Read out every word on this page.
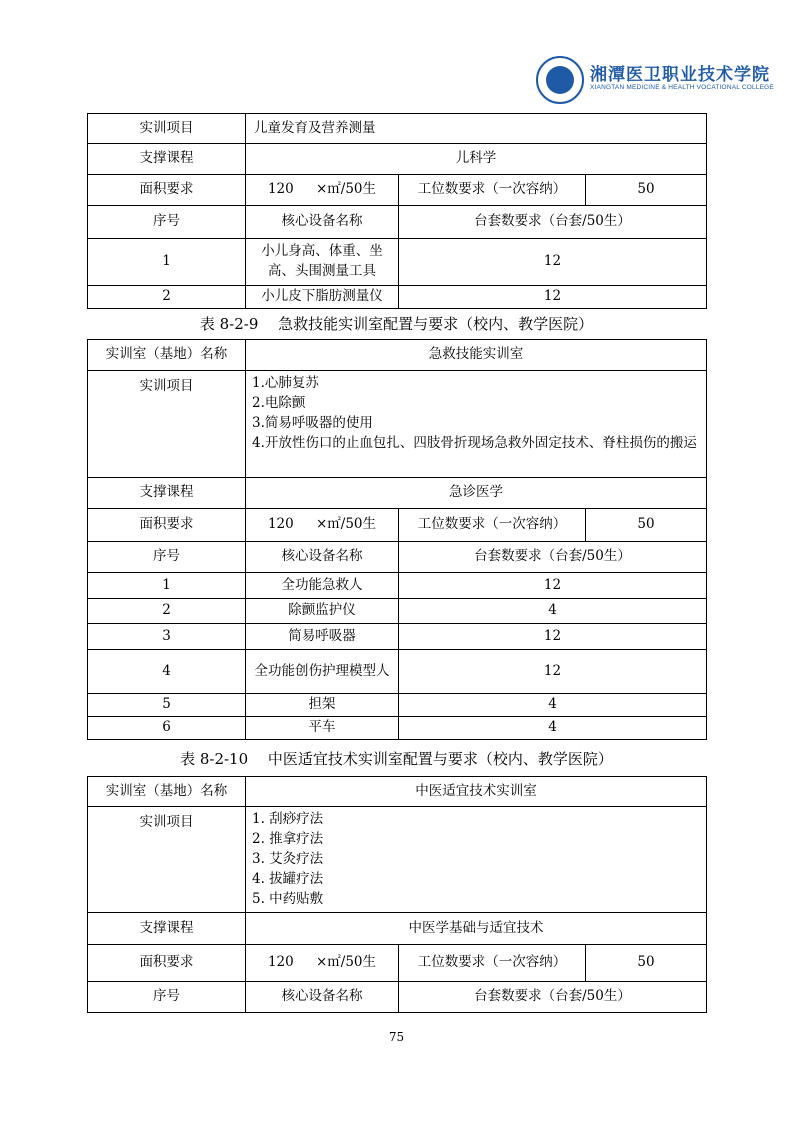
湘潭医卫职业技术学院
XIANGTAN MEDICINE & HEALTH VOCATIONAL COLLEGE
实训项目	儿童发育及营养测量		
支撑课程	儿科学		
面积要求	120 ×㎡/50生	工位数要求（一次容纳）	50
序号	核心设备名称	台套数要求（台套/50生）	
1	小儿身高、体重、坐高、头围测量工具	12	
2	小儿皮下脂肪测量仪	12	
表 8-2-9　 急救技能实训室配置与要求（校内、教学医院）
实训室（基地）名称	急救技能实训室		
实训项目	1.心肺复苏
2.电除颤
3.简易呼吸器的使用
4.开放性伤口的止血包扎、四肢骨折现场急救外固定技术、脊柱损伤的搬运		

支撑课程	急诊医学		
面积要求	120 ×㎡/50生	工位数要求（一次容纳）	50
序号	核心设备名称	台套数要求（台套/50生）	
1	全功能急救人	12	
2	除颤监护仪	4	
3	简易呼吸器	12	
4	全功能创伤护理模型人	12	
5	担架	4	
6	平车	4	
表 8-2-10　 中医适宜技术实训室配置与要求（校内、教学医院）
实训室（基地）名称	中医适宜技术实训室		
实训项目	1. 刮痧疗法
2. 推拿疗法
3. 艾灸疗法
4. 拔罐疗法
5. 中药贴敷		

支撑课程	中医学基础与适宜技术		
面积要求	120 ×㎡/50生	工位数要求（一次容纳）	50
序号	核心设备名称	台套数要求（台套/50生）	
75
